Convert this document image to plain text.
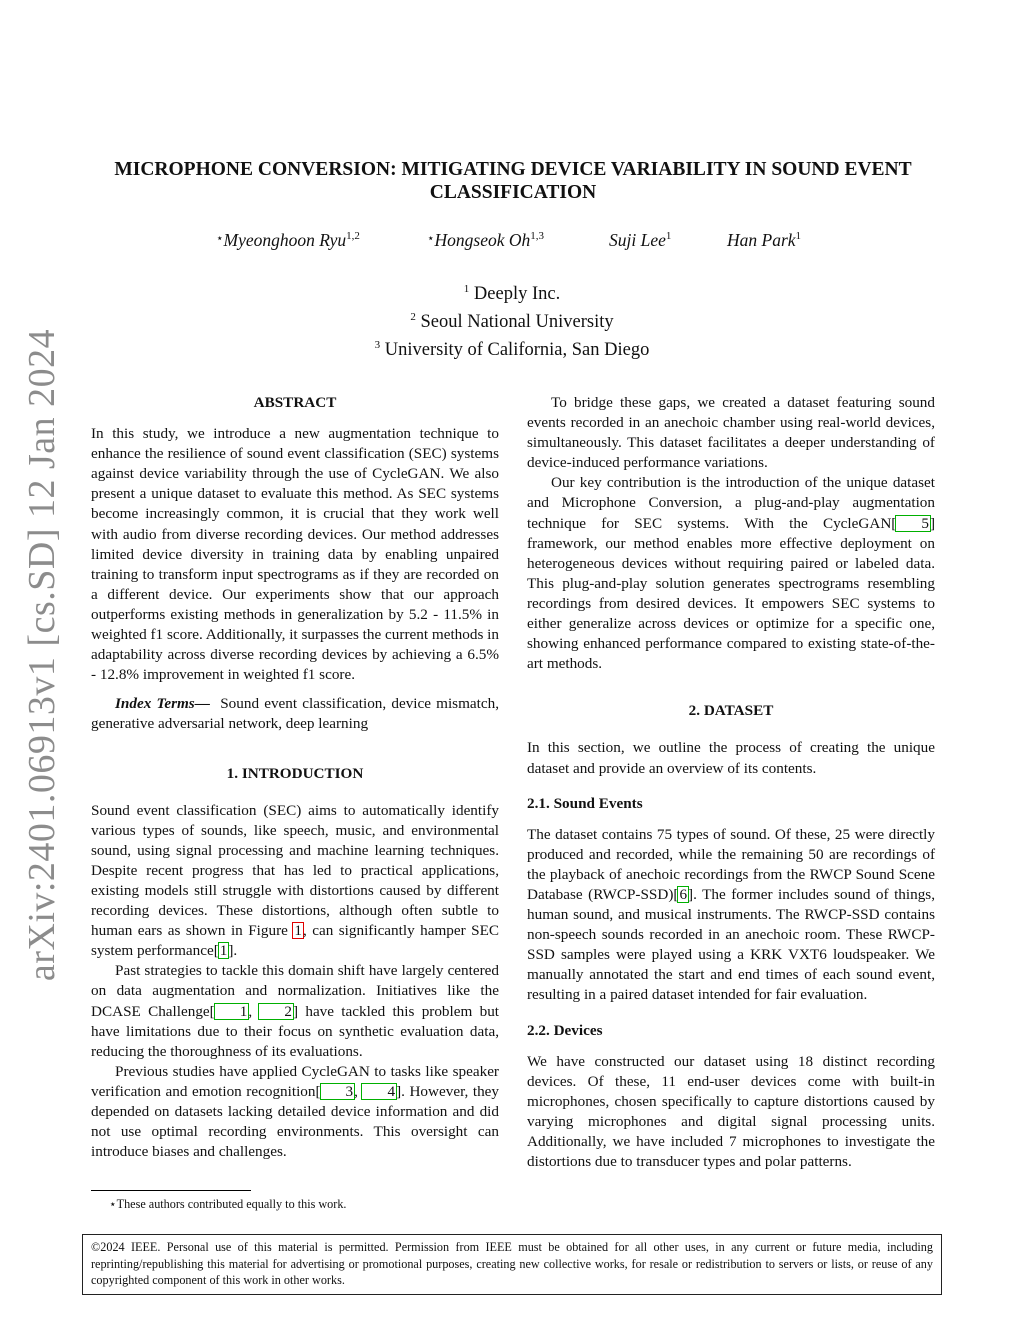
arXiv:2401.06913v1 [cs.SD] 12 Jan 2024
MICROPHONE CONVERSION: MITIGATING DEVICE VARIABILITY IN SOUND EVENT
CLASSIFICATION
⋆Myeonghoon Ryu$^{1,2}$	⋆Hongseok Oh$^{1,3}$	Suji Lee$^1$	Han Park$^1$
$^1$ Deeply Inc.
$^2$ Seoul National University
$^3$ University of California, San Diego
ABSTRACT

In this study, we introduce a new augmentation technique to enhance the resilience of sound event classification (SEC) systems against device variability through the use of CycleGAN. We also present a unique dataset to evaluate this method. As SEC systems become increasingly common, it is crucial that they work well with audio from diverse recording devices. Our method addresses limited device diversity in training data by enabling unpaired training to transform input spectrograms as if they are recorded on a different device. Our experiments show that our approach outperforms existing methods in generalization by 5.2 - 11.5% in weighted f1 score. Additionally, it surpasses the current methods in adaptability across diverse recording devices by achieving a 6.5% - 12.8% improvement in weighted f1 score.

Index Terms— Sound event classification, device mismatch, generative adversarial network, deep learning

1. INTRODUCTION

Sound event classification (SEC) aims to automatically identify various types of sounds, like speech, music, and environmental sound, using signal processing and machine learning techniques. Despite recent progress that has led to practical applications, existing models still struggle with distortions caused by different recording devices. These distortions, although often subtle to human ears as shown in Figure 1, can significantly hamper SEC system performance[1].

Past strategies to tackle this domain shift have largely centered on data augmentation and normalization. Initiatives like the DCASE Challenge[ 1, 2] have tackled this problem but have limitations due to their focus on synthetic evaluation data, reducing the thoroughness of its evaluations.

Previous studies have applied CycleGAN to tasks like speaker verification and emotion recognition[ 3, 4]. However, they depended on datasets lacking detailed device information and did not use optimal recording environments. This oversight can introduce biases and challenges.

To bridge these gaps, we created a dataset featuring sound events recorded in an anechoic chamber using real-world devices, simultaneously. This dataset facilitates a deeper understanding of device-induced performance variations.

Our key contribution is the introduction of the unique dataset and Microphone Conversion, a plug-and-play augmentation technique for SEC systems. With the CycleGAN[ 5] framework, our method enables more effective deployment on heterogeneous devices without requiring paired or labeled data. This plug-and-play solution generates spectrograms resembling recordings from desired devices. It empowers SEC systems to either generalize across devices or optimize for a specific one, showing enhanced performance compared to existing state-of-the-art methods.

2. DATASET

In this section, we outline the process of creating the unique dataset and provide an overview of its contents.

2.1. Sound Events

The dataset contains 75 types of sound. Of these, 25 were directly produced and recorded, while the remaining 50 are recordings of the playback of anechoic recordings from the RWCP Sound Scene Database (RWCP-SSD)[6]. The former includes sound of things, human sound, and musical instruments. The RWCP-SSD contains non-speech sounds recorded in an anechoic room. These RWCP-SSD samples were played using a KRK VXT6 loudspeaker. We manually annotated the start and end times of each sound event, resulting in a paired dataset intended for fair evaluation.

2.2. Devices

We have constructed our dataset using 18 distinct recording devices. Of these, 11 end-user devices come with built-in microphones, chosen specifically to capture distortions caused by varying microphones and digital signal processing units. Additionally, we have included 7 microphones to investigate the distortions due to transducer types and polar patterns.

⋆These authors contributed equally to this work.
©2024 IEEE. Personal use of this material is permitted. Permission from IEEE must be obtained for all other uses, in any current or future media, including reprinting/republishing this material for advertising or promotional purposes, creating new collective works, for resale or redistribution to servers or lists, or reuse of any copyrighted component of this work in other works.
